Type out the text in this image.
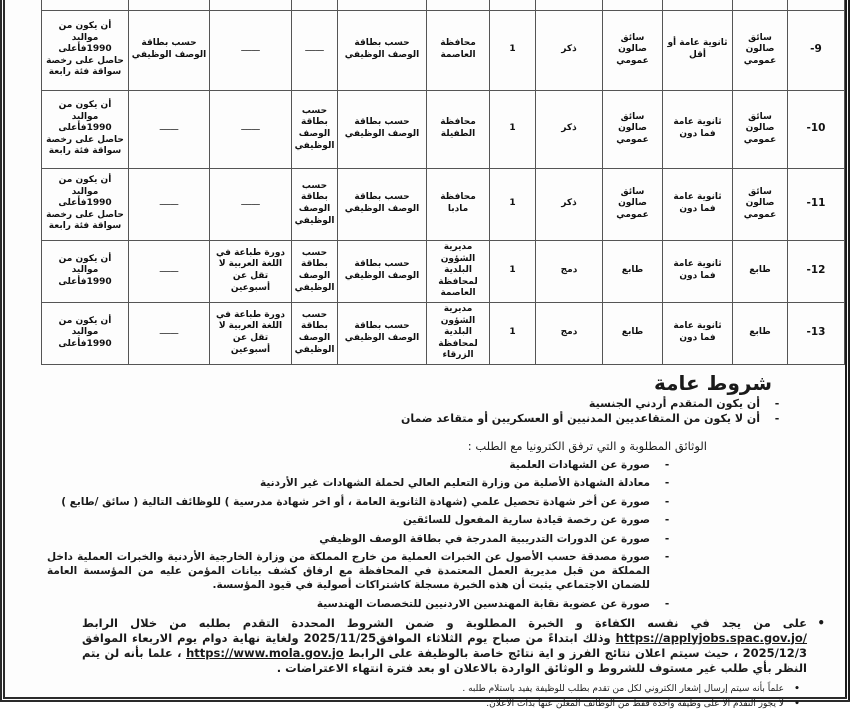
-9	سائق صالون عمومي	ثانوية عامة أو أقل	سائق صالون عمومي	ذكر	1	محافظة العاصمة	حسب بطاقة الوصف الوظيفي	ـــــــ	ـــــــ	حسب بطاقة الوصف الوظيفي	أن يكون من مواليد 1990فأعلى حاصل على رخصة سواقة فئة رابعة
-10	سائق صالون عمومي	ثانوية عامة فما دون	سائق صالون عمومي	ذكر	1	محافظة الطفيلة	حسب بطاقة الوصف الوظيفي	حسب بطاقة الوصف الوظيفي	ـــــــ	ـــــــ	أن يكون من مواليد 1990فأعلى حاصل على رخصة سواقة فئة رابعة
-11	سائق صالون عمومي	ثانوية عامة فما دون	سائق صالون عمومي	ذكر	1	محافظة مادبا	حسب بطاقة الوصف الوظيفي	حسب بطاقة الوصف الوظيفي	ـــــــ	ـــــــ	أن يكون من مواليد 1990فأعلى حاصل على رخصة سواقة فئة رابعة
-12	طابع	ثانوية عامة فما دون	طابع	دمج	1	مديرية الشؤون البلدية لمحافظة العاصمة	حسب بطاقة الوصف الوظيفي	حسب بطاقة الوصف الوظيفي	دورة طباعة في اللغة العربية لا تقل عن أسبوعين	ـــــــ	أن يكون من مواليد 1990فأعلى
-13	طابع	ثانوية عامة فما دون	طابع	دمج	1	مديرية الشؤون البلدية لمحافظة الزرقاء	حسب بطاقة الوصف الوظيفي	حسب بطاقة الوصف الوظيفي	دورة طباعة في اللغة العربية لا تقل عن أسبوعين	ـــــــ	أن يكون من مواليد 1990فأعلى
شروط عامة
-
أن يكون المتقدم أردني الجنسية
-
أن لا يكون من المتقاعديين المدنيين أو العسكريين أو متقاعد ضمان

الوثائق المطلوبة و التي ترفق الكترونيا مع الطلب :

-
صورة عن الشهادات العلمية
-
معادلة الشهادة الأصلية من وزارة التعليم العالي لحملة الشهادات غير الأردنية
-
صورة عن أخر شهادة تحصيل علمي (شهادة الثانوية العامة ، أو اخر شهادة مدرسية ) للوظائف التالية ( سائق /طابع )
-
صورة عن رخصة قيادة سارية المفعول للسائقين
-
صورة عن الدورات التدريبية المدرجة في بطاقة الوصف الوظيفي
-
صورة مصدقة حسب الأصول عن الخبرات العملية من خارج المملكة من وزارة الخارجية الأردنية والخبرات العملية داخل المملكة من قبل مديرية العمل المعتمدة في المحافظة مع ارفاق كشف بيانات المؤمن عليه من المؤسسة العامة للضمان الاجتماعي يثبت أن هذه الخبرة مسجلة كاشتراكات أصولية في قيود المؤسسة.
-
صورة عن عضوية نقابة المهندسين الاردنيين للتخصصات الهندسية
•
على من يجد في نفسه الكفاءة و الخبرة المطلوبة و ضمن الشروط المحددة التقدم بطلبه من خلال الرابط https://applyjobs.spac.gov.jo/ وذلك ابتداءً من صباح يوم الثلاثاء الموافق2025/11/25 ولغاية نهاية دوام يوم الاربعاء الموافق 2025/12/3 ، حيث سيتم اعلان نتائج الفرز و اية نتائج خاصة بالوظيفة على الرابط https://www.mola.gov.jo ، علما بأنه لن يتم النظر بأي طلب غير مستوف للشروط و الوثائق الواردة بالاعلان او بعد فترة انتهاء الاعتراضات .
•
علماً بأنه سيتم إرسال إشعار الكتروني لكل من تقدم بطلب للوظيفة يفيد باستلام طلبه .
•
لا يجوز التقدم الا على وظيفة واحدة فقط من الوظائف المعلن عنها بذات الاعلان.
